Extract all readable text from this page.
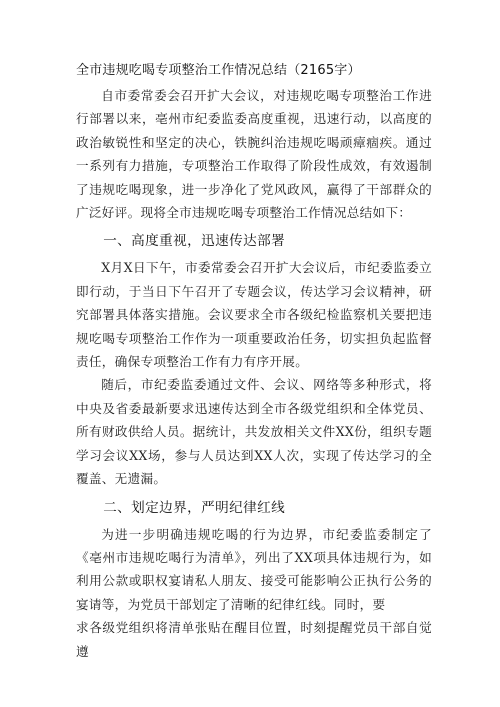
全市违规吃喝专项整治工作情况总结（2165字）

自市委常委会召开扩大会议，对违规吃喝专项整治工作进行部署以来，亳州市纪委监委高度重视，迅速行动，以高度的政治敏锐性和坚定的决心，铁腕纠治违规吃喝顽瘴痼疾。通过一系列有力措施，专项整治工作取得了阶段性成效，有效遏制了违规吃喝现象，进一步净化了党风政风，赢得了干部群众的广泛好评。现将全市违规吃喝专项整治工作情况总结如下：

一、高度重视，迅速传达部署

X月X日下午，市委常委会召开扩大会议后，市纪委监委立即行动，于当日下午召开了专题会议，传达学习会议精神，研究部署具体落实措施。会议要求全市各级纪检监察机关要把违规吃喝专项整治工作作为一项重要政治任务，切实担负起监督责任，确保专项整治工作有力有序开展。

随后，市纪委监委通过文件、会议、网络等多种形式，将中央及省委最新要求迅速传达到全市各级党组织和全体党员、所有财政供给人员。据统计，共发放相关文件XX份，组织专题学习会议XX场，参与人员达到XX人次，实现了传达学习的全覆盖、无遗漏。

二、划定边界，严明纪律红线

为进一步明确违规吃喝的行为边界，市纪委监委制定了《亳州市违规吃喝行为清单》，列出了XX项具体违规行为，如利用公款或职权宴请私人朋友、接受可能影响公正执行公务的宴请等，为党员干部划定了清晰的纪律红线。同时，要

求各级党组织将清单张贴在醒目位置，时刻提醒党员干部自觉遵
